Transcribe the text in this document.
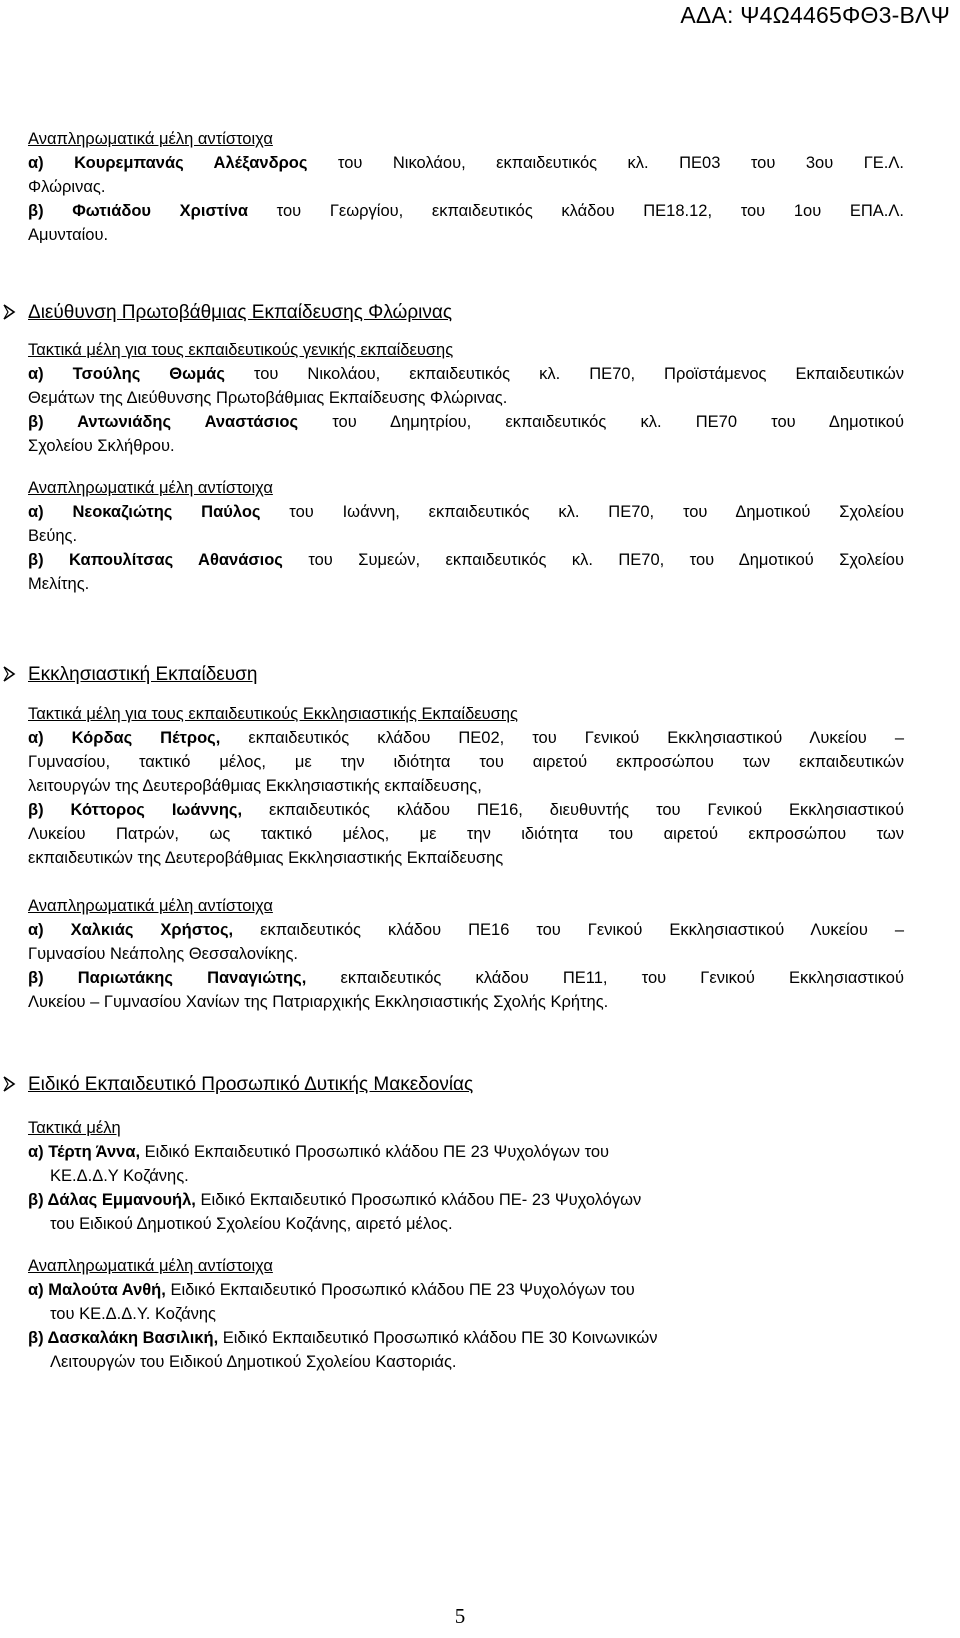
ΑΔΑ: Ψ4Ω4465ΦΘ3-ΒΛΨ
Αναπληρωματικά μέλη αντίστοιχα
α) Κουρεμπανάς Αλέξανδρος του Νικολάου, εκπαιδευτικός κλ. ΠΕ03 του 3ου ΓΕ.Λ.
Φλώρινας.
β) Φωτιάδου Χριστίνα του Γεωργίου, εκπαιδευτικός κλάδου ΠΕ18.12, του 1ου ΕΠΑ.Λ.
Αμυνταίου.
Διεύθυνση Πρωτοβάθμιας Εκπαίδευσης Φλώρινας
Τακτικά μέλη για τους εκπαιδευτικούς γενικής εκπαίδευσης
α) Τσούλης Θωμάς του Νικολάου, εκπαιδευτικός κλ. ΠΕ70, Προϊστάμενος Εκπαιδευτικών
Θεμάτων της Διεύθυνσης Πρωτοβάθμιας Εκπαίδευσης Φλώρινας.
β) Αντωνιάδης Αναστάσιος του Δημητρίου, εκπαιδευτικός κλ. ΠΕ70 του Δημοτικού
Σχολείου Σκλήθρου.
Αναπληρωματικά μέλη αντίστοιχα
α) Νεοκαζιώτης Παύλος του Ιωάννη, εκπαιδευτικός κλ. ΠΕ70, του Δημοτικού Σχολείου
Βεύης.
β) Καπουλίτσας Αθανάσιος του Συμεών, εκπαιδευτικός κλ. ΠΕ70, του Δημοτικού Σχολείου
Μελίτης.
Εκκλησιαστική Εκπαίδευση
Τακτικά μέλη για τους εκπαιδευτικούς Εκκλησιαστικής Εκπαίδευσης
α) Κόρδας Πέτρος, εκπαιδευτικός κλάδου ΠΕ02, του Γενικού Εκκλησιαστικού Λυκείου –
Γυμνασίου, τακτικό μέλος, με την ιδιότητα του αιρετού εκπροσώπου των εκπαιδευτικών
λειτουργών της Δευτεροβάθμιας Εκκλησιαστικής εκπαίδευσης,
β) Κόττορος Ιωάννης, εκπαιδευτικός κλάδου ΠΕ16, διευθυντής του Γενικού Εκκλησιαστικού
Λυκείου Πατρών, ως τακτικό μέλος, με την ιδιότητα του αιρετού εκπροσώπου των
εκπαιδευτικών της Δευτεροβάθμιας Εκκλησιαστικής Εκπαίδευσης
Αναπληρωματικά μέλη αντίστοιχα
α) Χαλκιάς Χρήστος, εκπαιδευτικός κλάδου ΠΕ16 του Γενικού Εκκλησιαστικού Λυκείου –
Γυμνασίου Νεάπολης Θεσσαλονίκης.
β) Παριωτάκης Παναγιώτης, εκπαιδευτικός κλάδου ΠΕ11, του Γενικού Εκκλησιαστικού
Λυκείου – Γυμνασίου Χανίων της Πατριαρχικής Εκκλησιαστικής Σχολής Κρήτης.
Ειδικό Εκπαιδευτικό Προσωπικό Δυτικής Μακεδονίας
Τακτικά μέλη
α) Τέρτη Άννα, Ειδικό Εκπαιδευτικό Προσωπικό κλάδου ΠΕ 23 Ψυχολόγων του
ΚΕ.Δ.Δ.Υ Κοζάνης.
β) Δάλας Εμμανουήλ, Ειδικό Εκπαιδευτικό Προσωπικό κλάδου ΠΕ- 23 Ψυχολόγων
του Ειδικού Δημοτικού Σχολείου Κοζάνης, αιρετό μέλος.
Αναπληρωματικά μέλη αντίστοιχα
α) Μαλούτα Ανθή, Ειδικό Εκπαιδευτικό Προσωπικό κλάδου ΠΕ 23 Ψυχολόγων του
του ΚΕ.Δ.Δ.Υ. Κοζάνης
β) Δασκαλάκη Βασιλική, Ειδικό Εκπαιδευτικό Προσωπικό κλάδου ΠΕ 30 Κοινωνικών
Λειτουργών του Ειδικού Δημοτικού Σχολείου Καστοριάς.
5
